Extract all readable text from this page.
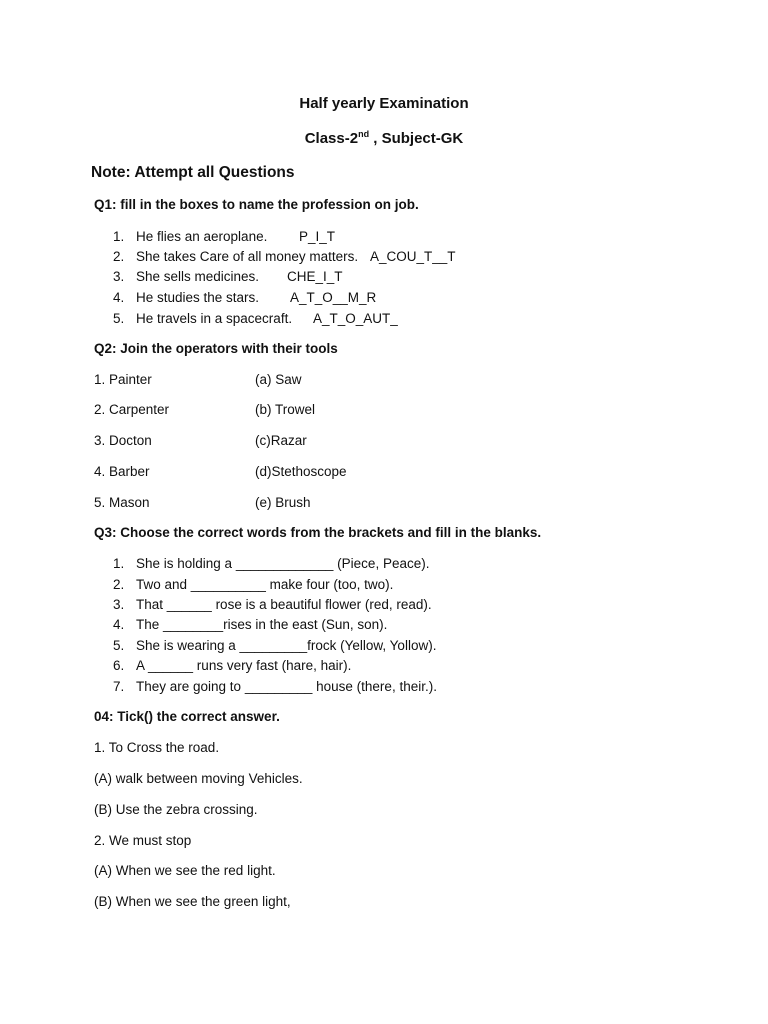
Half yearly Examination
Class-2nd , Subject-GK
Note: Attempt all Questions
Q1: fill in the boxes to name the profession on job.
1. He flies an aeroplane. P_I_T
2. She takes Care of all money matters. A_COU_T__T
3. She sells medicines. CHE_I_T
4. He studies the stars. A_T_O__M_R
5. He travels in a spacecraft. A_T_O_AUT_
Q2: Join the operators with their tools
1. Painter	(a) Saw
2. Carpenter	(b) Trowel
3. Docton	(c)Razar
4. Barber	(d)Stethoscope
5. Mason	(e) Brush
Q3: Choose the correct words from the brackets and fill in the blanks.
1. She is holding a _____________ (Piece, Peace).
2. Two and __________ make four (too, two).
3. That ______ rose is a beautiful flower (red, read).
4. The ________rises in the east (Sun, son).
5. She is wearing a _________frock (Yellow, Yollow).
6. A ______ runs very fast (hare, hair).
7. They are going to _________ house (there, their.).
04: Tick() the correct answer.
1. To Cross the road.
(A) walk between moving Vehicles.
(B) Use the zebra crossing.
2. We must stop
(A) When we see the red light.
(B) When we see the green light,
